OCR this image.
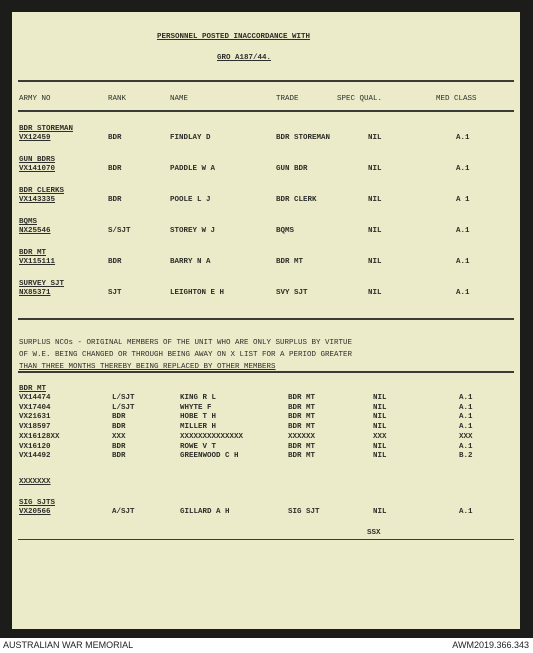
PERSONNEL POSTED INACCORDANCE WITH
GRO A187/44.
ARMY NO	RANK	NAME	TRADE	SPEC QUAL.	MED CLASS
BDR STOREMAN
VX12459	BDR	FINDLAY D	BDR STOREMAN	NIL	A.1
GUN BDRS
VX141070	BDR	PADDLE W A	GUN BDR	NIL	A.1
BDR CLERKS
VX143335	BDR	POOLE L J	BDR CLERK	NIL	A 1
BQMS
NX25546	S/SJT	STOREY W J	BQMS	NIL	A.1
BDR MT
VX115111	BDR	BARRY N A	BDR MT	NIL	A.1
SURVEY SJT
NX85371	SJT	LEIGHTON E H	SVY SJT	NIL	A.1
SURPLUS NCOs - ORIGINAL MEMBERS OF THE UNIT WHO ARE ONLY SURPLUS BY VIRTUE
OF W.E. BEING CHANGED OR THROUGH BEING AWAY ON X LIST FOR A PERIOD GREATER
THAN THREE MONTHS THEREBY BEING REPLACED BY OTHER MEMBERS
BDR MT
VX14474	L/SJT	KING R L	BDR MT	NIL	A.1
VX17404	L/SJT	WHYTE F	BDR MT	NIL	A.1
VX21631	BDR	HOBE T H	BDR MT	NIL	A.1
VX18597	BDR	MILLER H	BDR MT	NIL	A.1
XX16128XX	XXX	XXXXXXXXXXXXXX	XXXXXX	XXX	XXX
VX16120	BDR	ROWE V T	BDR MT	NIL	A.1
VX14492	BDR	GREENWOOD C H	BDR MT	NIL	B.2
XXXXXXX
SIG SJTS
VX20566	A/SJT	GILLARD A H	SIG SJT	NIL	A.1
SSX
AUSTRALIAN WAR MEMORIAL	AWM2019.366.343
